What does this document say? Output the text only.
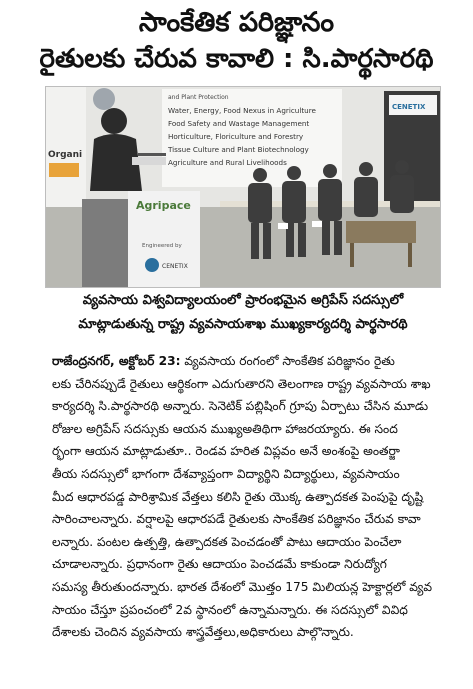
సాంకేతిక పరిజ్ఞానం
రైతులకు చేరువ కావాలి : సి.పార్థసారథి
Organi
and Plant Protection
Water, Energy, Food Nexus in Agriculture
Food Safety and Wastage Management
Horticulture, Floriculture and Forestry
Tissue Culture and Plant Biotechnology
Agriculture and Rural Livelihoods
CENETIX
Agripace
Engineered by
CENETIX
వ్యవసాయ విశ్వవిద్యాలయంలో ప్రారంభమైన అగ్రిపేస్ సదస్సులో
మాట్లాడుతున్న రాష్ట్ర వ్యవసాయశాఖ ముఖ్యకార్యదర్శి పార్థసారథి
రాజేంద్రనగర్, అక్టోబర్ 23: వ్యవసాయ రంగంలో సాంకేతిక పరిజ్ఞానం రైతు
లకు చేరినప్పుడే రైతులు ఆర్థికంగా ఎదుగుతారని తెలంగాణ రాష్ట్ర వ్యవసాయ శాఖ
కార్యదర్శి సి.పార్థసారథి అన్నారు. సెనెటిక్ పబ్లిషింగ్ గ్రూపు ఏర్పాటు చేసిన మూడు
రోజుల అగ్రిపేస్ సదస్సుకు ఆయన ముఖ్యఅతిథిగా హాజరయ్యారు. ఈ సంద
ర్భంగా ఆయన మాట్లాడుతూ.. రెండవ హరిత విప్లవం అనే అంశంపై అంతర్జా
తీయ సదస్సులో భాగంగా దేశవ్యాప్తంగా విద్యార్థిని విద్యార్థులు, వ్యవసాయం
మీద ఆధారపడ్డ పారిశ్రామిక వేత్తలు కలిసి రైతు యొక్క ఉత్పాదకత పెంపుపై దృష్టి
సారించాలన్నారు. వర్షాలపై ఆధారపడే రైతులకు సాంకేతిక పరిజ్ఞానం చేరువ కావా
లన్నారు. పంటల ఉత్పత్తి, ఉత్పాదకత పెంచడంతో పాటు ఆదాయం పెంచేలా
చూడాలన్నారు. ప్రధానంగా రైతు ఆదాయం పెంచడమే కాకుండా నిరుద్యోగ
సమస్య తీరుతుందన్నారు. భారత దేశంలో మొత్తం 175 మిలియన్ల హెక్టార్లలో వ్యవ
సాయం చేస్తూ ప్రపంచంలో 2వ స్థానంలో ఉన్నామన్నారు. ఈ సదస్సులో వివిధ
దేశాలకు చెందిన వ్యవసాయ శాస్త్రవేత్తలు,అధికారులు పాల్గొన్నారు.
